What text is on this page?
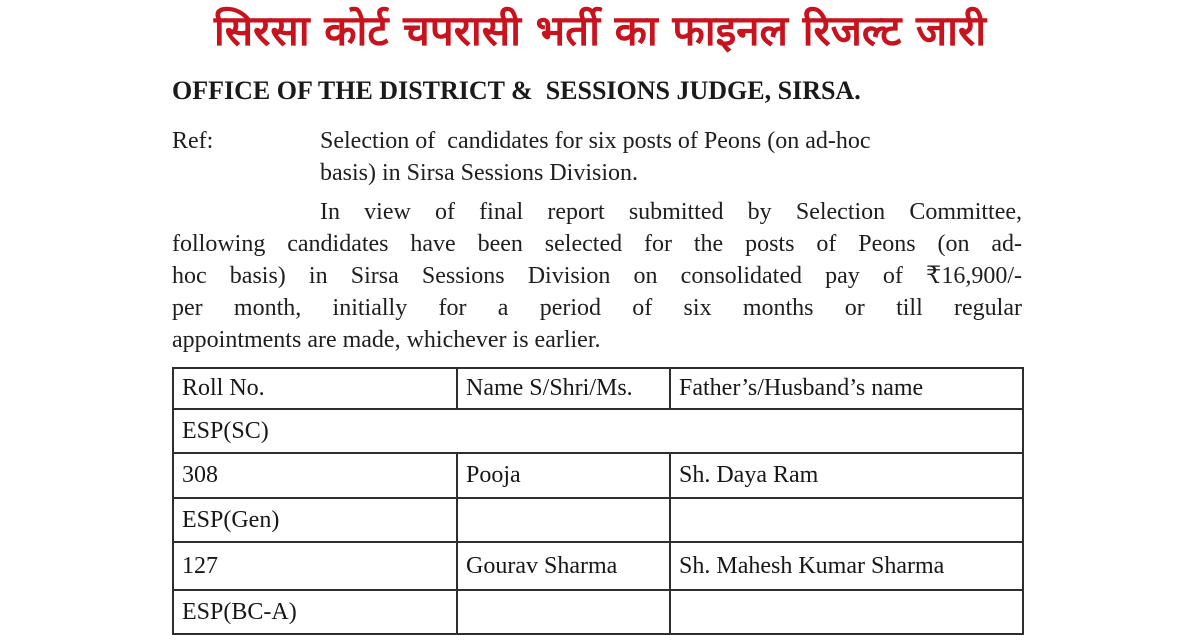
सिरसा कोर्ट चपरासी भर्ती का फाइनल रिजल्ट जारी
OFFICE OF THE DISTRICT &  SESSIONS JUDGE, SIRSA.
Ref:	Selection of  candidates for six posts of Peons (on ad-hoc
basis) in Sirsa Sessions Division.
In view of final report submitted by Selection Committee,
following candidates have been selected for the posts of Peons (on ad-
hoc basis) in Sirsa Sessions Division on consolidated pay of ₹16,900/-
per month, initially for a period of six months or till regular
appointments are made, whichever is earlier.
Roll No.	Name S/Shri/Ms.	Father’s/Husband’s name
ESP(SC)		
308	Pooja	Sh. Daya Ram
ESP(Gen)		
127	Gourav Sharma	Sh. Mahesh Kumar Sharma
ESP(BC-A)		
